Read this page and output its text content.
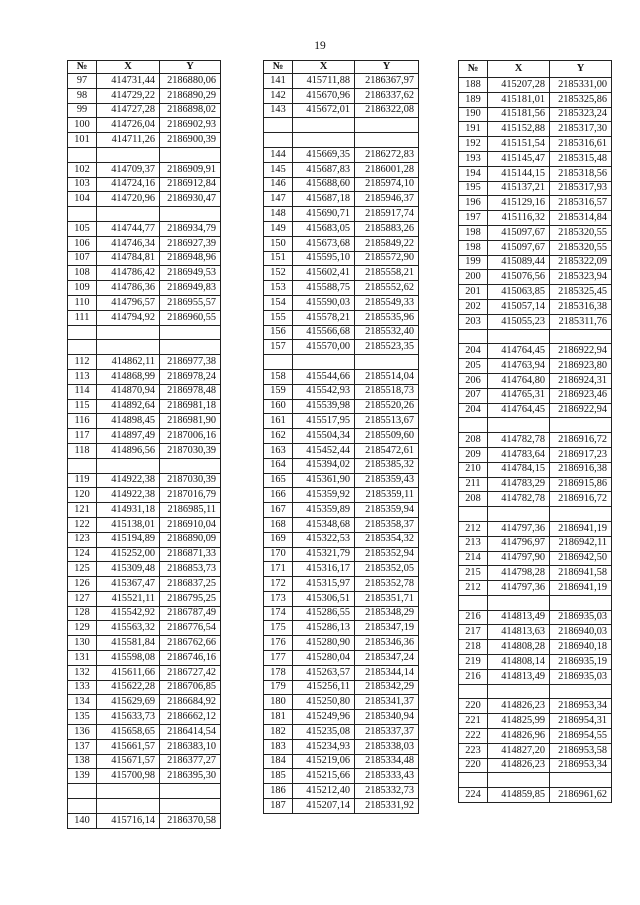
19
№	X	Y
97	414731,44	2186880,06
98	414729,22	2186890,29
99	414727,28	2186898,02
100	414726,04	2186902,93
101	414711,26	2186900,39

102	414709,37	2186909,91
103	414724,16	2186912,84
104	414720,96	2186930,47

105	414744,77	2186934,79
106	414746,34	2186927,39
107	414784,81	2186948,96
108	414786,42	2186949,53
109	414786,36	2186949,83
110	414796,57	2186955,57
111	414794,92	2186960,55

112	414862,11	2186977,38
113	414868,99	2186978,24
114	414870,94	2186978,48
115	414892,64	2186981,18
116	414898,45	2186981,90
117	414897,49	2187006,16
118	414896,56	2187030,39

119	414922,38	2187030,39
120	414922,38	2187016,79
121	414931,18	2186985,11
122	415138,01	2186910,04
123	415194,89	2186890,09
124	415252,00	2186871,33
125	415309,48	2186853,73
126	415367,47	2186837,25
127	415521,11	2186795,25
128	415542,92	2186787,49
129	415563,32	2186776,54
130	415581,84	2186762,66
131	415598,08	2186746,16
132	415611,66	2186727,42
133	415622,28	2186706,85
134	415629,69	2186684,92
135	415633,73	2186662,12
136	415658,65	2186414,54
137	415661,57	2186383,10
138	415671,57	2186377,27
139	415700,98	2186395,30

140	415716,14	2186370,58
№	X	Y
141	415711,88	2186367,97
142	415670,96	2186337,62
143	415672,01	2186322,08

144	415669,35	2186272,83
145	415687,83	2186001,28
146	415688,60	2185974,10
147	415687,18	2185946,37
148	415690,71	2185917,74
149	415683,05	2185883,26
150	415673,68	2185849,22
151	415595,10	2185572,90
152	415602,41	2185558,21
153	415588,75	2185552,62
154	415590,03	2185549,33
155	415578,21	2185535,96
156	415566,68	2185532,40
157	415570,00	2185523,35

158	415544,66	2185514,04
159	415542,93	2185518,73
160	415539,98	2185520,26
161	415517,95	2185513,67
162	415504,34	2185509,60
163	415452,44	2185472,61
164	415394,02	2185385,32
165	415361,90	2185359,43
166	415359,92	2185359,11
167	415359,89	2185359,94
168	415348,68	2185358,37
169	415322,53	2185354,32
170	415321,79	2185352,94
171	415316,17	2185352,05
172	415315,97	2185352,78
173	415306,51	2185351,71
174	415286,55	2185348,29
175	415286,13	2185347,19
176	415280,90	2185346,36
177	415280,04	2185347,24
178	415263,57	2185344,14
179	415256,11	2185342,29
180	415250,80	2185341,37
181	415249,96	2185340,94
182	415235,08	2185337,37
183	415234,93	2185338,03
184	415219,06	2185334,48
185	415215,66	2185333,43
186	415212,40	2185332,73
187	415207,14	2185331,92
№	X	Y
188	415207,28	2185331,00
189	415181,01	2185325,86
190	415181,56	2185323,24
191	415152,88	2185317,30
192	415151,54	2185316,61
193	415145,47	2185315,48
194	415144,15	2185318,56
195	415137,21	2185317,93
196	415129,16	2185316,57
197	415116,32	2185314,84
198	415097,67	2185320,55
198	415097,67	2185320,55
199	415089,44	2185322,09
200	415076,56	2185323,94
201	415063,85	2185325,45
202	415057,14	2185316,38
203	415055,23	2185311,76

204	414764,45	2186922,94
205	414763,94	2186923,80
206	414764,80	2186924,31
207	414765,31	2186923,46
204	414764,45	2186922,94

208	414782,78	2186916,72
209	414783,64	2186917,23
210	414784,15	2186916,38
211	414783,29	2186915,86
208	414782,78	2186916,72

212	414797,36	2186941,19
213	414796,97	2186942,11
214	414797,90	2186942,50
215	414798,28	2186941,58
212	414797,36	2186941,19

216	414813,49	2186935,03
217	414813,63	2186940,03
218	414808,28	2186940,18
219	414808,14	2186935,19
216	414813,49	2186935,03

220	414826,23	2186953,34
221	414825,99	2186954,31
222	414826,96	2186954,55
223	414827,20	2186953,58
220	414826,23	2186953,34

224	414859,85	2186961,62
